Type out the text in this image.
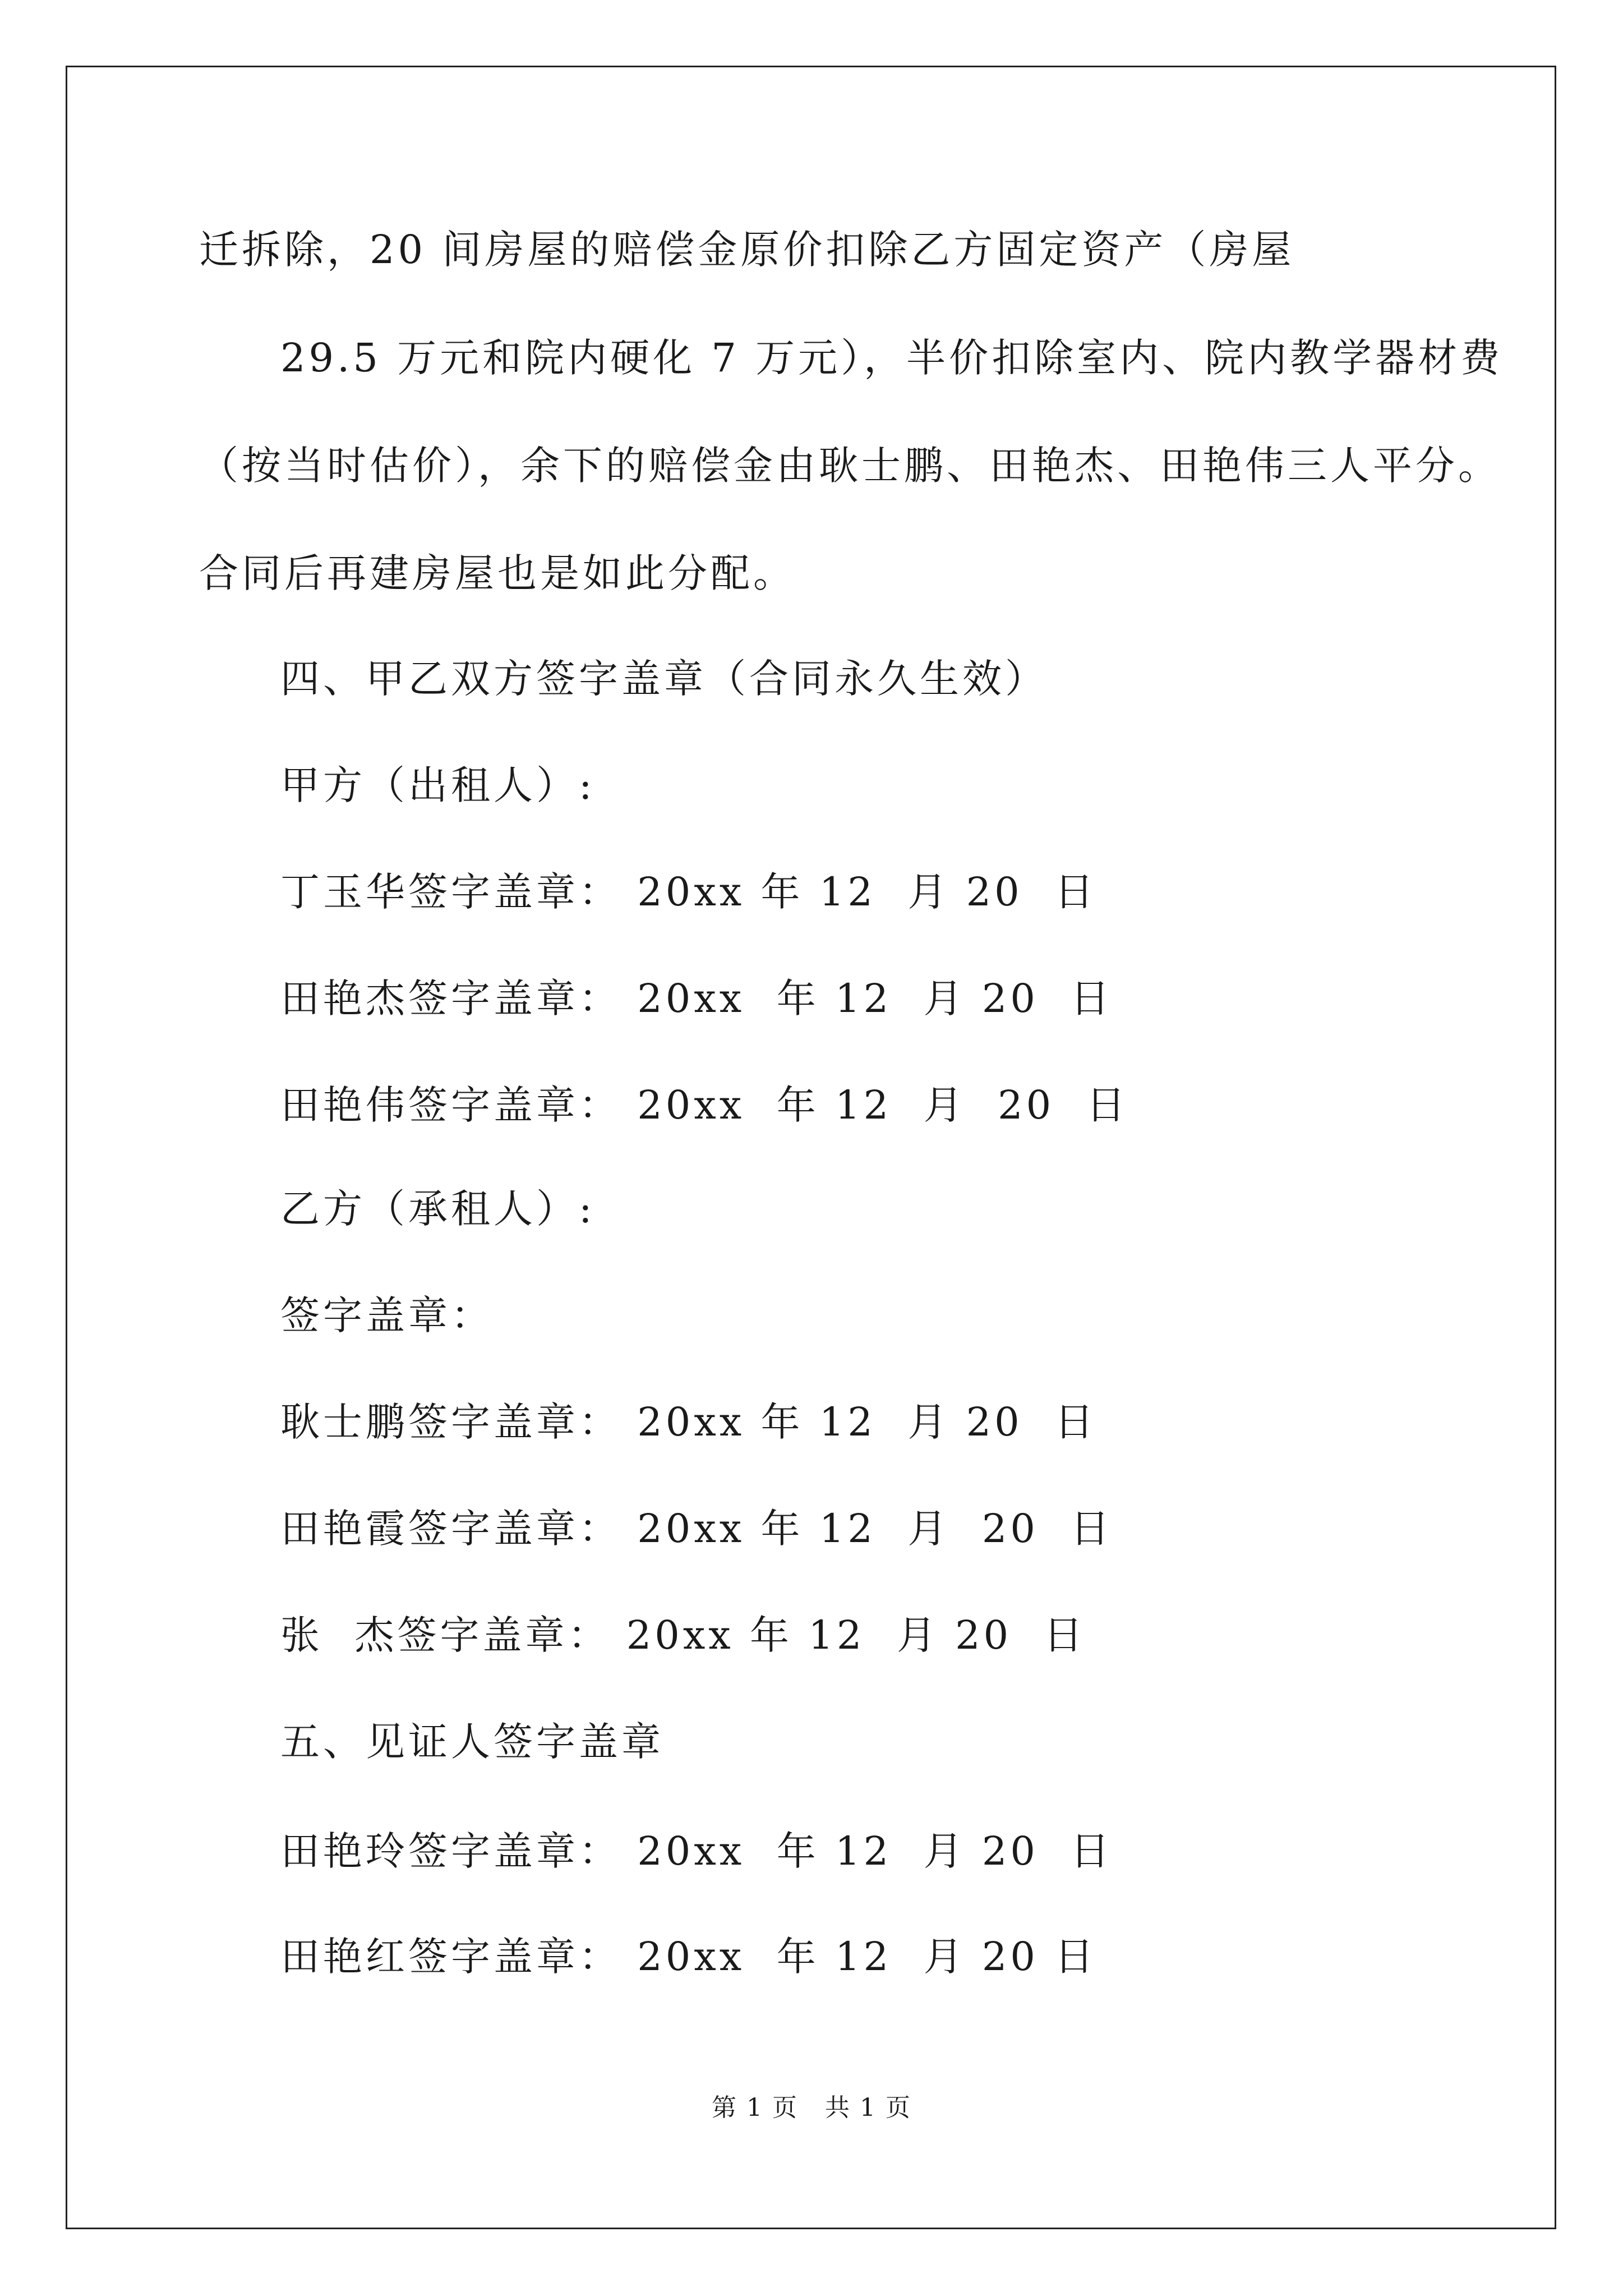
迁拆除，20 间房屋的赔偿金原价扣除乙方固定资产（房屋
29.5 万元和院内硬化 7 万元），半价扣除室内、院内教学器材费
（按当时估价），余下的赔偿金由耿士鹏、田艳杰、田艳伟三人平分。
合同后再建房屋也是如此分配。
四、甲乙双方签字盖章（合同永久生效）
甲方（出租人）:
丁玉华签字盖章： 20xx 年 12  月 20  日
田艳杰签字盖章： 20xx  年 12  月 20  日
田艳伟签字盖章： 20xx  年 12  月  20  日
乙方（承租人）:
签字盖章：
耿士鹏签字盖章： 20xx 年 12  月 20  日
田艳霞签字盖章： 20xx 年 12  月  20  日
张  杰签字盖章： 20xx 年 12  月 20  日
五、见证人签字盖章
田艳玲签字盖章： 20xx  年 12  月 20  日
田艳红签字盖章： 20xx  年 12  月 20 日
第 1 页   共 1 页
